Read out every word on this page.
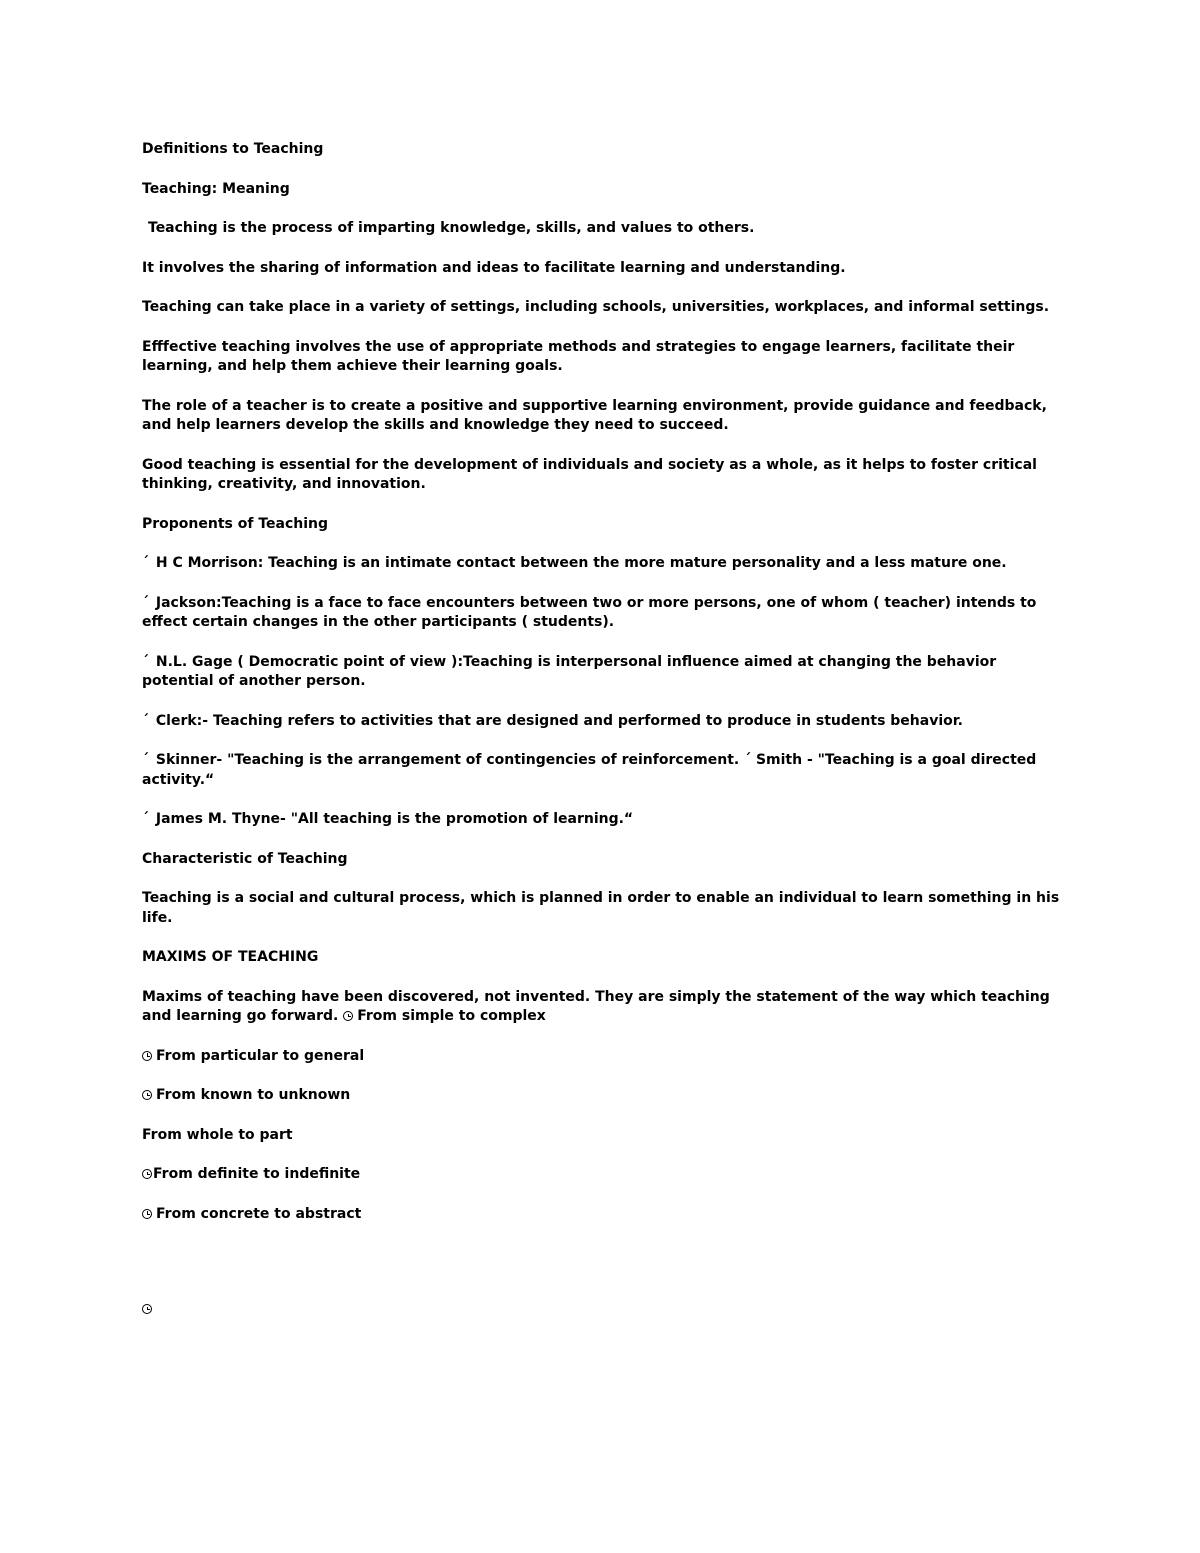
Definitions to Teaching
Teaching: Meaning
Teaching is the process of imparting knowledge, skills, and values to others.
It involves the sharing of information and ideas to facilitate learning and understanding.
Teaching can take place in a variety of settings, including schools, universities, workplaces, and informal settings.
Efffective teaching involves the use of appropriate methods and strategies to engage learners, facilitate their learning, and help them achieve their learning goals.
The role of a teacher is to create a positive and supportive learning environment, provide guidance and feedback, and help learners develop the skills and knowledge they need to succeed.
Good teaching is essential for the development of individuals and society as a whole, as it helps to foster critical thinking, creativity, and innovation.
Proponents of Teaching
´ H C Morrison: Teaching is an intimate contact between the more mature personality and a less mature one.
´ Jackson:Teaching is a face to face encounters between two or more persons, one of whom ( teacher) intends to effect certain changes in the other participants ( students).
´ N.L. Gage ( Democratic point of view ):Teaching is interpersonal influence aimed at changing the behavior potential of another person.
´ Clerk:- Teaching refers to activities that are designed and performed to produce in students behavior.
´ Skinner- "Teaching is the arrangement of contingencies of reinforcement. ´ Smith - "Teaching is a goal directed activity.“
´ James M. Thyne- "All teaching is the promotion of learning.“
Characteristic of Teaching
Teaching is a social and cultural process, which is planned in order to enable an individual to learn something in his life.
MAXIMS OF TEACHING
Maxims of teaching have been discovered, not invented. They are simply the statement of the way which teaching and learning go forward. From simple to complex
From particular to general
From known to unknown
From whole to part
From definite to indefinite
From concrete to abstract
